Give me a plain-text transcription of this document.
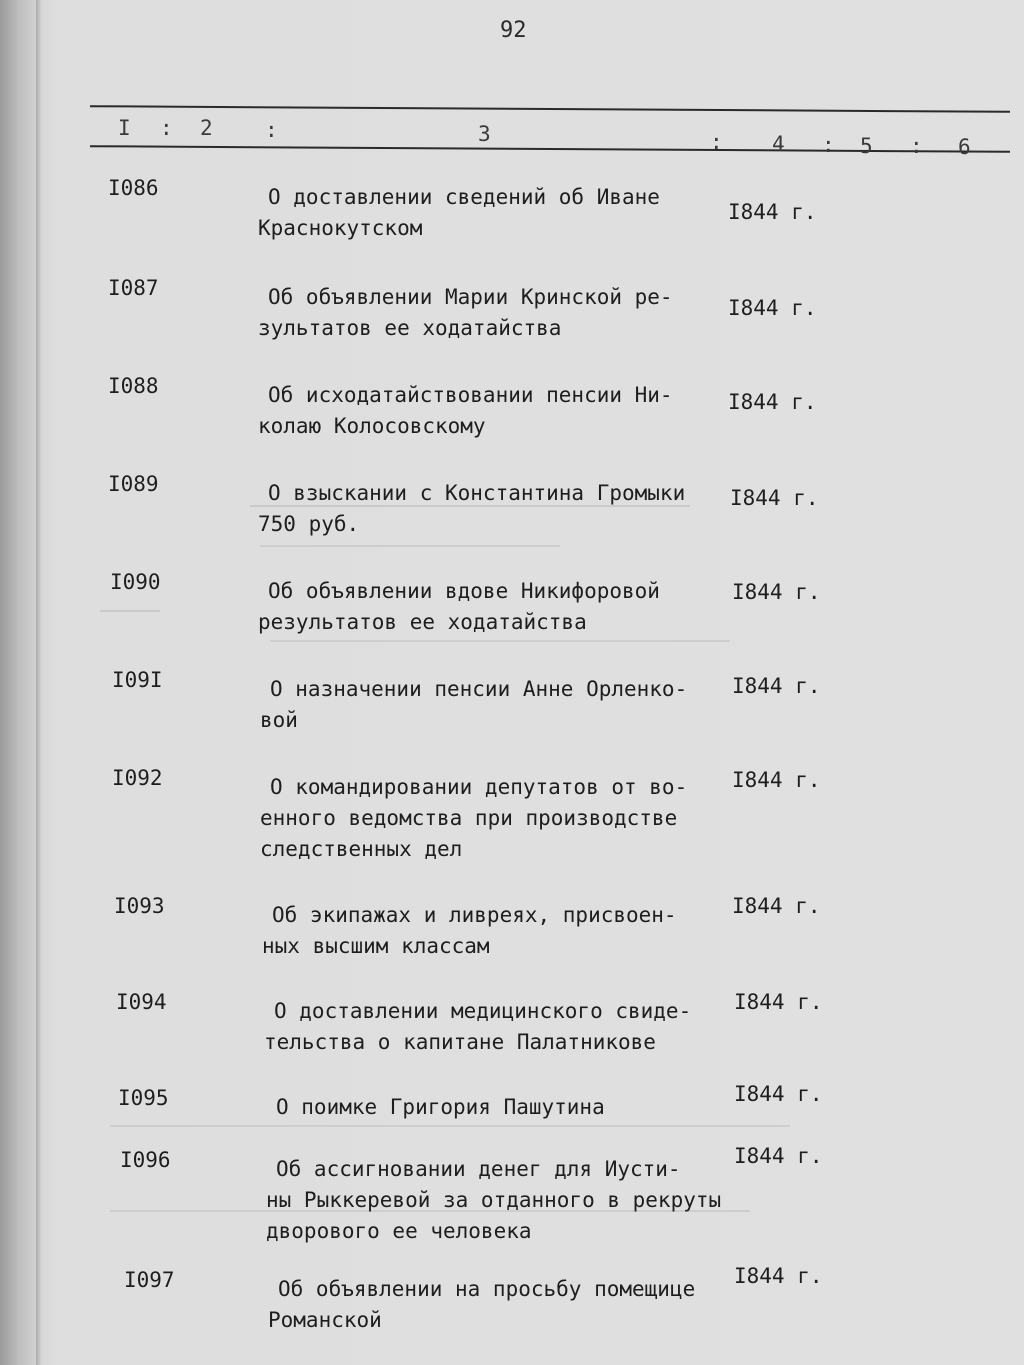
92
I : 2 :	3	: 4 : 5 : 6
I086	О доставлении сведений об Иване
Краснокутском
I844 г.
I087	Об объявлении Марии Кринской ре-
зультатов ее ходатайства
I844 г.
I088	Об исходатайствовании пенсии Ни-
колаю Колосовскому
I844 г.
I089	О взыскании с Константина Громыки
750 руб.
I844 г.
I090	Об объявлении вдове Никифоровой
результатов ее ходатайства
I844 г.
I09I	О назначении пенсии Анне Орленко-
вой
I844 г.
I092	О командировании депутатов от во-
енного ведомства при производстве
следственных дел
I844 г.
I093	Об экипажах и ливреях, присвоен-
ных высшим классам
I844 г.
I094	О доставлении медицинского свиде-
тельства о капитане Палатникове
I844 г.
I095	О поимке Григория Пашутина
I844 г.
I096	Об ассигновании денег для Иусти-
ны Рыккеревой за отданного в рекруты
дворового ее человека
I844 г.
I097	Об объявлении на просьбу помещице
Романской
I844 г.
